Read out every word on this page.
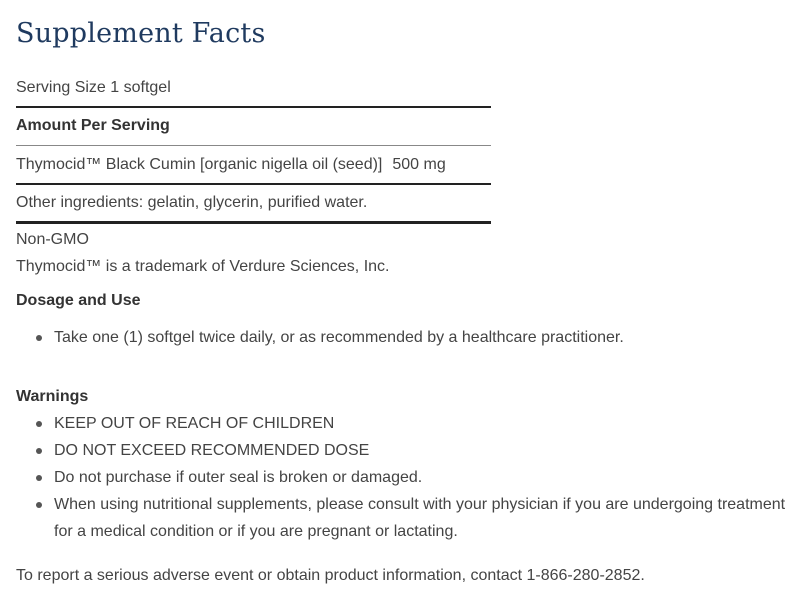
Supplement Facts
Serving Size 1 softgel
Amount Per Serving
Thymocid™ Black Cumin [organic nigella oil (seed)] 500 mg
Other ingredients: gelatin, glycerin, purified water.
Non-GMO
Thymocid™ is a trademark of Verdure Sciences, Inc.
Dosage and Use
Take one (1) softgel twice daily, or as recommended by a healthcare practitioner.
Warnings
KEEP OUT OF REACH OF CHILDREN
DO NOT EXCEED RECOMMENDED DOSE
Do not purchase if outer seal is broken or damaged.
When using nutritional supplements, please consult with your physician if you are undergoing treatment for a medical condition or if you are pregnant or lactating.
To report a serious adverse event or obtain product information, contact 1-866-280-2852.
